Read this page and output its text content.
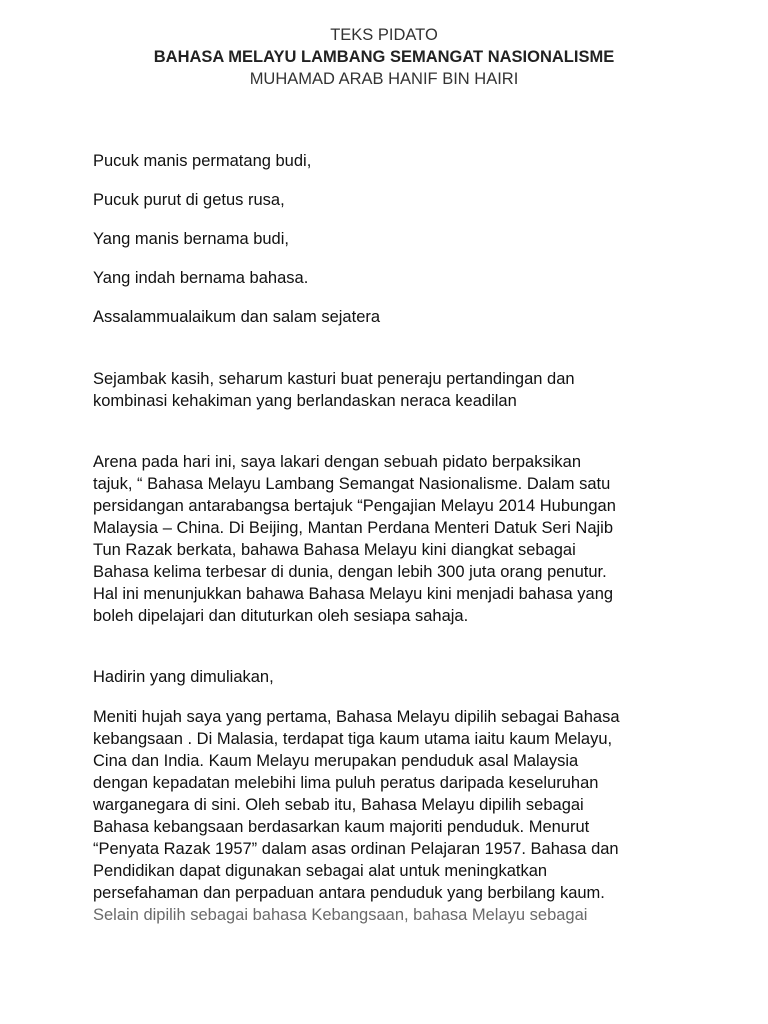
TEKS PIDATO
BAHASA MELAYU LAMBANG SEMANGAT NASIONALISME
MUHAMAD ARAB HANIF BIN HAIRI

Pucuk manis permatang budi,

Pucuk purut di getus rusa,

Yang manis bernama budi,

Yang indah bernama bahasa.

Assalammualaikum dan salam sejatera

Sejambak kasih, seharum kasturi buat peneraju pertandingan dan

kombinasi kehakiman yang berlandaskan neraca keadilan

Arena pada hari ini, saya lakari dengan sebuah pidato berpaksikan

tajuk, “ Bahasa Melayu Lambang Semangat Nasionalisme. Dalam satu

persidangan antarabangsa bertajuk “Pengajian Melayu 2014 Hubungan

Malaysia – China. Di Beijing, Mantan Perdana Menteri Datuk Seri Najib

Tun Razak berkata, bahawa Bahasa Melayu kini diangkat sebagai

Bahasa kelima terbesar di dunia, dengan lebih 300 juta orang penutur.

Hal ini menunjukkan bahawa Bahasa Melayu kini menjadi bahasa yang

boleh dipelajari dan dituturkan oleh sesiapa sahaja.

Hadirin yang dimuliakan,

Meniti hujah saya yang pertama, Bahasa Melayu dipilih sebagai Bahasa

kebangsaan . Di Malasia, terdapat tiga kaum utama iaitu kaum Melayu,

Cina dan India. Kaum Melayu merupakan penduduk asal Malaysia

dengan kepadatan melebihi lima puluh peratus daripada keseluruhan

warganegara di sini. Oleh sebab itu, Bahasa Melayu dipilih sebagai

Bahasa kebangsaan berdasarkan kaum majoriti penduduk. Menurut

“Penyata Razak 1957” dalam asas ordinan Pelajaran 1957. Bahasa dan

Pendidikan dapat digunakan sebagai alat untuk meningkatkan

persefahaman dan perpaduan antara penduduk yang berbilang kaum.

Selain dipilih sebagai bahasa Kebangsaan, bahasa Melayu sebagai
